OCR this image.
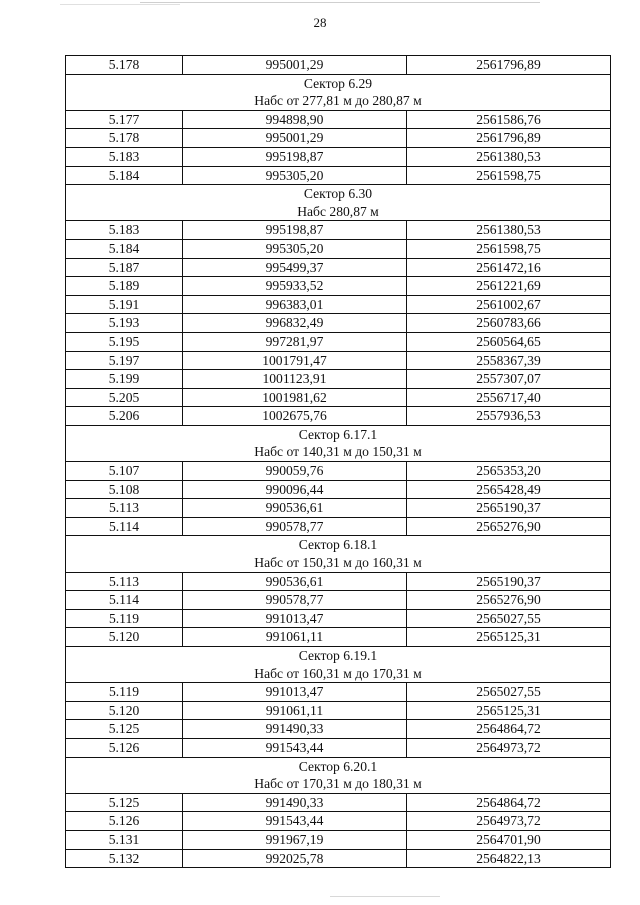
28
5.178	995001,29	2561796,89
Сектор 6.29		
Набс от 277,81 м до 280,87 м		
5.177	994898,90	2561586,76
5.178	995001,29	2561796,89
5.183	995198,87	2561380,53
5.184	995305,20	2561598,75
Сектор 6.30		
Набс 280,87 м		
5.183	995198,87	2561380,53
5.184	995305,20	2561598,75
5.187	995499,37	2561472,16
5.189	995933,52	2561221,69
5.191	996383,01	2561002,67
5.193	996832,49	2560783,66
5.195	997281,97	2560564,65
5.197	1001791,47	2558367,39
5.199	1001123,91	2557307,07
5.205	1001981,62	2556717,40
5.206	1002675,76	2557936,53
Сектор 6.17.1		
Набс от 140,31 м до 150,31 м		
5.107	990059,76	2565353,20
5.108	990096,44	2565428,49
5.113	990536,61	2565190,37
5.114	990578,77	2565276,90
Сектор 6.18.1		
Набс от 150,31 м до 160,31 м		
5.113	990536,61	2565190,37
5.114	990578,77	2565276,90
5.119	991013,47	2565027,55
5.120	991061,11	2565125,31
Сектор 6.19.1		
Набс от 160,31 м до 170,31 м		
5.119	991013,47	2565027,55
5.120	991061,11	2565125,31
5.125	991490,33	2564864,72
5.126	991543,44	2564973,72
Сектор 6.20.1		
Набс от 170,31 м до 180,31 м		
5.125	991490,33	2564864,72
5.126	991543,44	2564973,72
5.131	991967,19	2564701,90
5.132	992025,78	2564822,13
